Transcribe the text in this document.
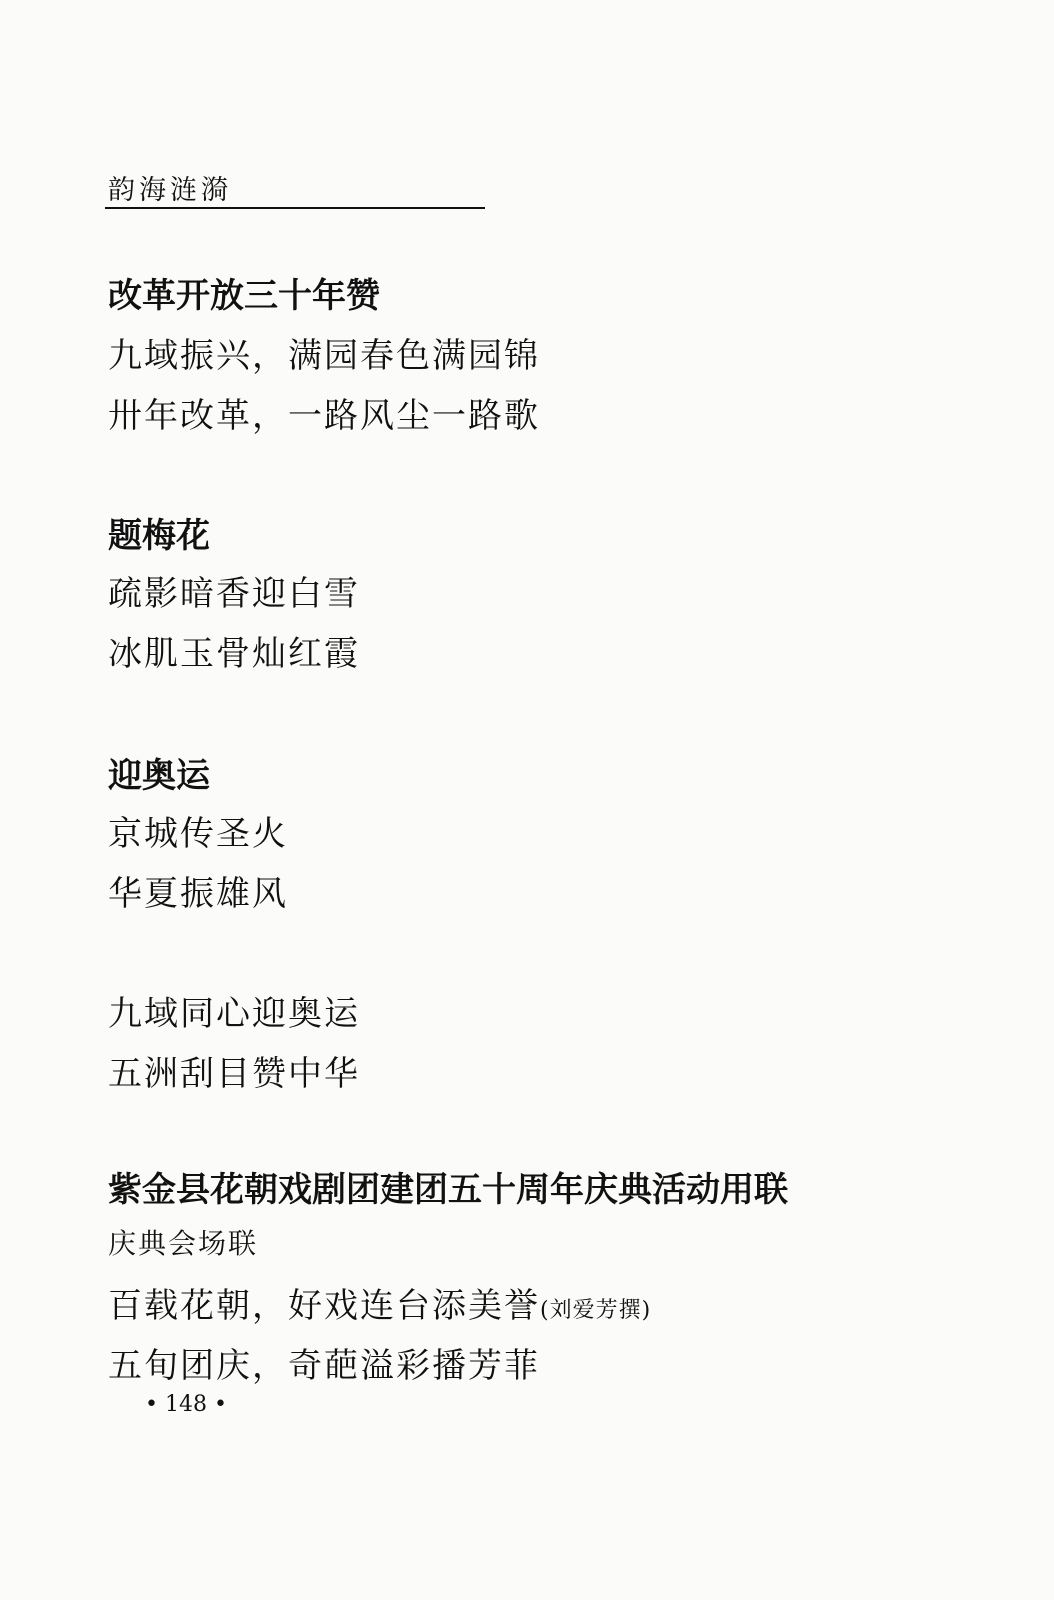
韵海涟漪
改革开放三十年赞
九域振兴，满园春色满园锦
卅年改革，一路风尘一路歌
题梅花
疏影暗香迎白雪
冰肌玉骨灿红霞
迎奥运
京城传圣火
华夏振雄风
九域同心迎奥运
五洲刮目赞中华
紫金县花朝戏剧团建团五十周年庆典活动用联
庆典会场联
百载花朝，好戏连台添美誉(刘爱芳撰)
五旬团庆，奇葩溢彩播芳菲
• 148 •
